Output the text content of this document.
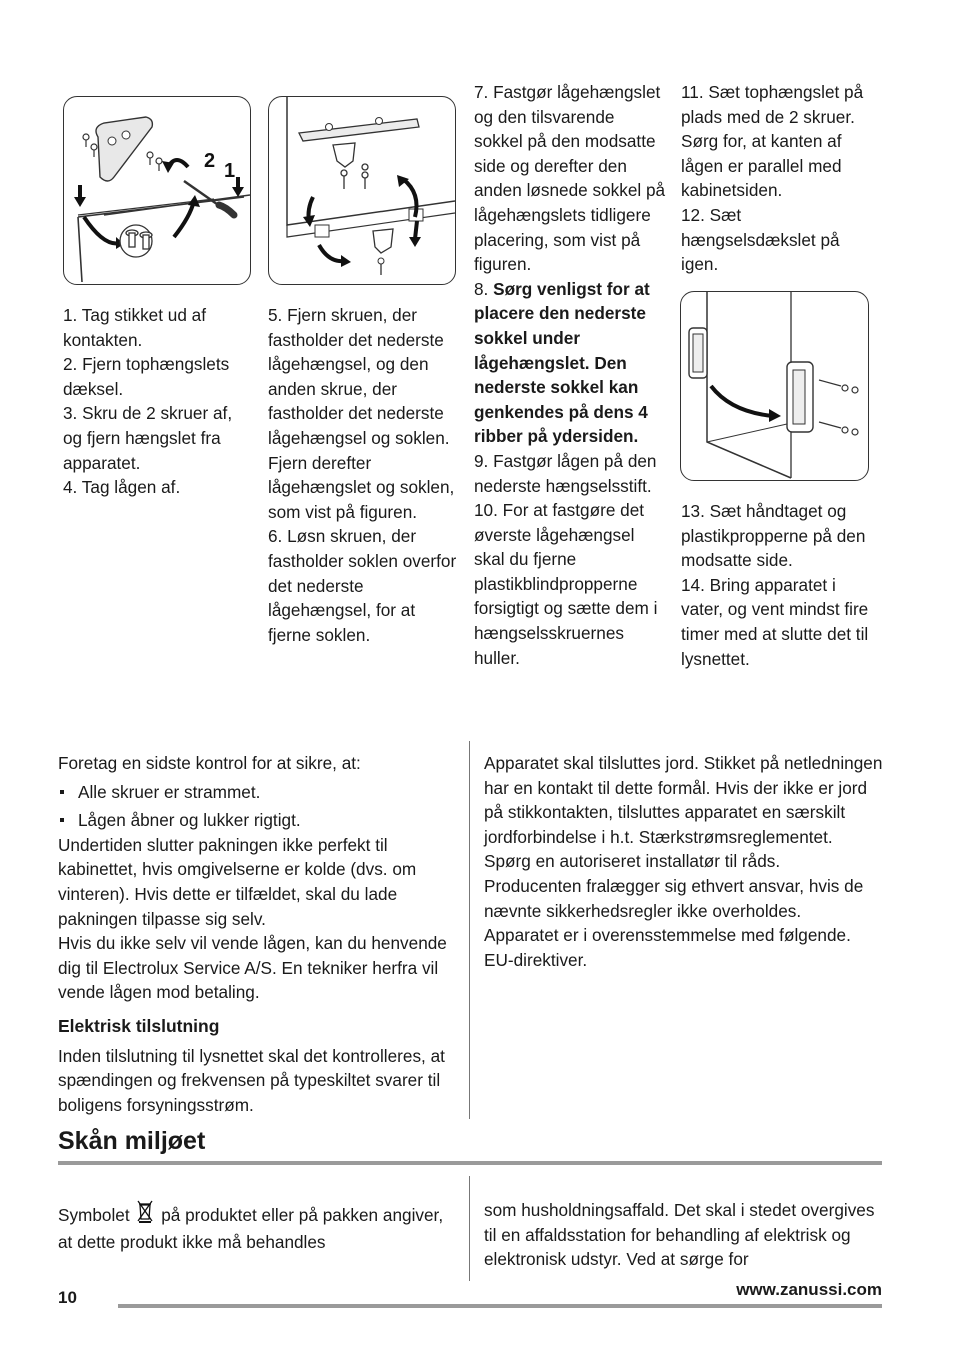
2 1

1. Tag stikket ud af kontakten.

2. Fjern tophængslets dæksel.

3. Skru de 2 skruer af, og fjern hængslet fra apparatet.

4. Tag lågen af.

5. Fjern skruen, der fastholder det nederste lågehængsel, og den anden skrue, der fastholder det nederste lågehængsel og soklen. Fjern derefter lågehængslet og soklen, som vist på figuren.

6. Løsn skruen, der fastholder soklen overfor det nederste lågehængsel, for at fjerne soklen.

7. Fastgør lågehængslet og den tilsvarende sokkel på den modsatte side og derefter den anden løsnede sokkel på lågehængslets tidligere placering, som vist på figuren.

8. Sørg venligst for at placere den nederste sokkel under lågehængslet. Den nederste sokkel kan genkendes på dens 4 ribber på ydersiden.

9. Fastgør lågen på den nederste hængselsstift.

10. For at fastgøre det øverste lågehængsel skal du fjerne plastikblindpropperne forsigtigt og sætte dem i hængselsskruernes huller.

11. Sæt tophængslet på plads med de 2 skruer. Sørg for, at kanten af lågen er parallel med kabinetsiden.

12. Sæt hængselsdækslet på igen.

13. Sæt håndtaget og plastikpropperne på den modsatte side.

14. Bring apparatet i vater, og vent mindst fire timer med at slutte det til lysnettet.

Foretag en sidste kontrol for at sikre, at:

Alle skruer er strammet.
Lågen åbner og lukker rigtigt.

Undertiden slutter pakningen ikke perfekt til kabinettet, hvis omgivelserne er kolde (dvs. om vinteren). Hvis dette er tilfældet, skal du lade pakningen tilpasse sig selv.

Hvis du ikke selv vil vende lågen, kan du henvende dig til Electrolux Service A/S. En tekniker herfra vil vende lågen mod betaling.

Elektrisk tilslutning

Inden tilslutning til lysnettet skal det kontrolleres, at spændingen og frekvensen på typeskiltet svarer til boligens forsyningsstrøm.

Apparatet skal tilsluttes jord. Stikket på netledningen har en kontakt til dette formål. Hvis der ikke er jord på stikkontakten, tilsluttes apparatet en særskilt jordforbindelse i h.t. Stærkstrømsreglementet. Spørg en autoriseret installatør til råds.

Producenten fralægger sig ethvert ansvar, hvis de nævnte sikkerhedsregler ikke overholdes.

Apparatet er i overensstemmelse med følgende. EU-direktiver.

Skån miljøet

Symbolet på produktet eller på pakken angiver, at dette produkt ikke må behandles

som husholdningsaffald. Det skal i stedet overgives til en affaldsstation for behandling af elektrisk og elektronisk udstyr. Ved at sørge for

10	www.zanussi.com
